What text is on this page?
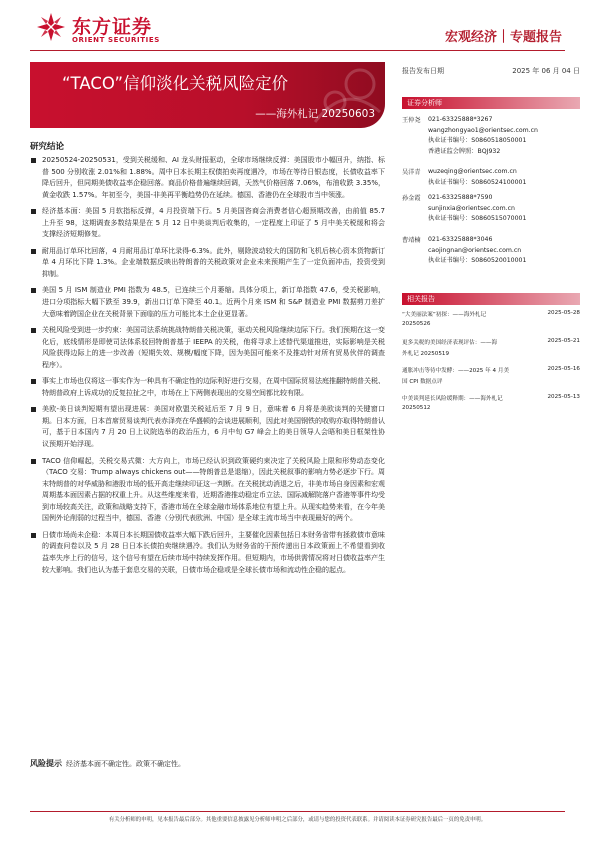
东方证券
ORIENT SECURITIES	宏观经济｜专题报告
“TACO”信仰淡化关税风险定价
——海外札记 20250603
报告发布日期	2025 年 06 月 04 日
证券分析师
王仲尧 021-63325888*3267
wangzhongyao1@orientsec.com.cn
执业证书编号：S0860518050001
香港证监会牌照：BQJ932
吴洋青 wuzeqing@orientsec.com.cn
执业证书编号：S0860524100001
孙金霞 021-63325888*7590
sunjinxia@orientsec.com.cn
执业证书编号：S0860515070001
曹靖楠 021-63325888*3046
caojingnan@orientsec.com.cn
执业证书编号：S0860520010001
相关报告
“大美丽法案”初探：——海外札记
20250526
2025-05-28
更多关税的美国经济表现评估：——海
外札记 20250519
2025-05-21
通胀冲击等待中发酵：——2025 年 4 月美
国 CPI 数据点评
2025-05-16
中美谈判延长风险缓释期：——海外札记
20250512
2025-05-13
研究结论
20250524-20250531，受到关税缓和、AI 龙头财报驱动，全球市场继续反弹：美国股市小幅回升，纳指、标普 500 分别收涨 2.01%和 1.88%。周中日本长期主权债拍卖再度遇冷，市场在等待日银态度，长债收益率下降后回升，但同期美债收益率企稳回落。商品价格普遍继续回调，天然气价格回落 7.06%，布油收跌 3.35%，黄金收跌 1.57%。年初至今，美国-非美再平衡趋势仍在延续。德国、香港仍在全球股市当中领涨。
经济基本面：美国 5 月软指标反弹，4 月投资端下行。5 月美国咨商会消费者信心超预期改善，由前值 85.7 上升至 98，这期调查多数结果是在 5 月 12 日中美谈判后收集的，一定程度上印证了 5 月中美关税缓和将会支撑经济短期修复。
耐用品订单环比回落，4 月耐用品订单环比录得-6.3%。此外，剔除波动较大的国防和飞机后核心资本货物新订单 4 月环比下降 1.3%。企业端数据反映出特朗普的关税政策对企业未来预期产生了一定负面冲击，投资受到抑制。
美国 5 月 ISM 制造业 PMI 指数为 48.5，已连续三个月萎缩。具体分项上，新订单指数 47.6，受关税影响，进口分项指标大幅下跌至 39.9，新出口订单下降至 40.1。近两个月来 ISM 和 S&P 制造业 PMI 数据剪刀差扩大意味着跨国企业在关税背景下面临的压力可能比本土企业更显著。
关税风险受到进一步约束：美国司法系统挑战特朗普关税决策，驱动关税风险继续边际下行。我们预期在这一变化后，底线情形是即使司法体系驳回特朗普基于 IEEPA 的关税，他将寻求上述替代渠道推进，实际影响是关税风险获得边际上的进一步改善（短期失效、规模/幅度下降，因为美国可能来不及推动针对所有贸易伙伴的调查程序）。
事实上市场也仅将这一事实作为一种具有不确定性的边际利好进行交易，在周中国际贸易法庭推翻特朗普关税、特朗普政府上诉成功的反复拉扯之中，市场在上下两侧表现出的交易空间都比较有限。
美欧-美日谈判短期有望出现进展：美国对欧盟关税延后至 7 月 9 日，意味着 6 月将是美欧谈判的关键窗口期。日本方面，日本首席贸易谈判代表赤泽亮在华盛顿的会谈进展顺利，因此对美国钢铁的收购亦取得特朗普认可，基于日本国内 7 月 20 日上议院选举的政治压力，6 月中旬 G7 峰会上的美日领导人会晤和美日框架性协议预期开始浮现。
TACO 信仰崛起，关税交易式微：大方向上，市场已经认识到政策硬约束决定了关税风险上限和形势动态变化（TACO 交易：Trump always chickens out——特朗普总是退缩），因此关税叙事的影响力势必逐步下行。周末特朗普的对华威胁和港股市场的低开高走继续印证这一判断。在关税扰动消退之后，非美市场自身因素和宏观周期基本面因素占据的权重上升。从这些维度来看，近期香港推动稳定币立法、国际减解院落户香港等事件均受到市场较高关注，政策和战略支持下，香港市场在全球金融市场体系地位有望上升。从现实趋势来看，在今年美国例外论削弱的过程当中，德国、香港（分别代表欧洲、中国）是全球主流市场当中表现最好的两个。
日债市场尚未企稳：本周日本长期国债收益率大幅下跌后回升，主要催化因素包括日本财务省带有拯救债市意味的调查问卷以及 5 月 28 日日本长债拍卖继续遇冷。我们认为财务省的干预传递出日本政策面上不希望看到收益率失序上行的信号，这个信号有望在后续市场中持续发挥作用。但短期内，市场供需情况将对日债收益率产生较大影响。我们也认为基于套息交易的关联，日债市场企稳或是全球长债市场和流动性企稳的起点。
风险提示 经济基本面不确定性。政策不确定性。
有关分析师的申明，见本报告最后部分。其他重要信息披露见分析师申明之后部分，或请与您的投资代表联系。并请阅读本证券研究报告最后一页的免责申明。
